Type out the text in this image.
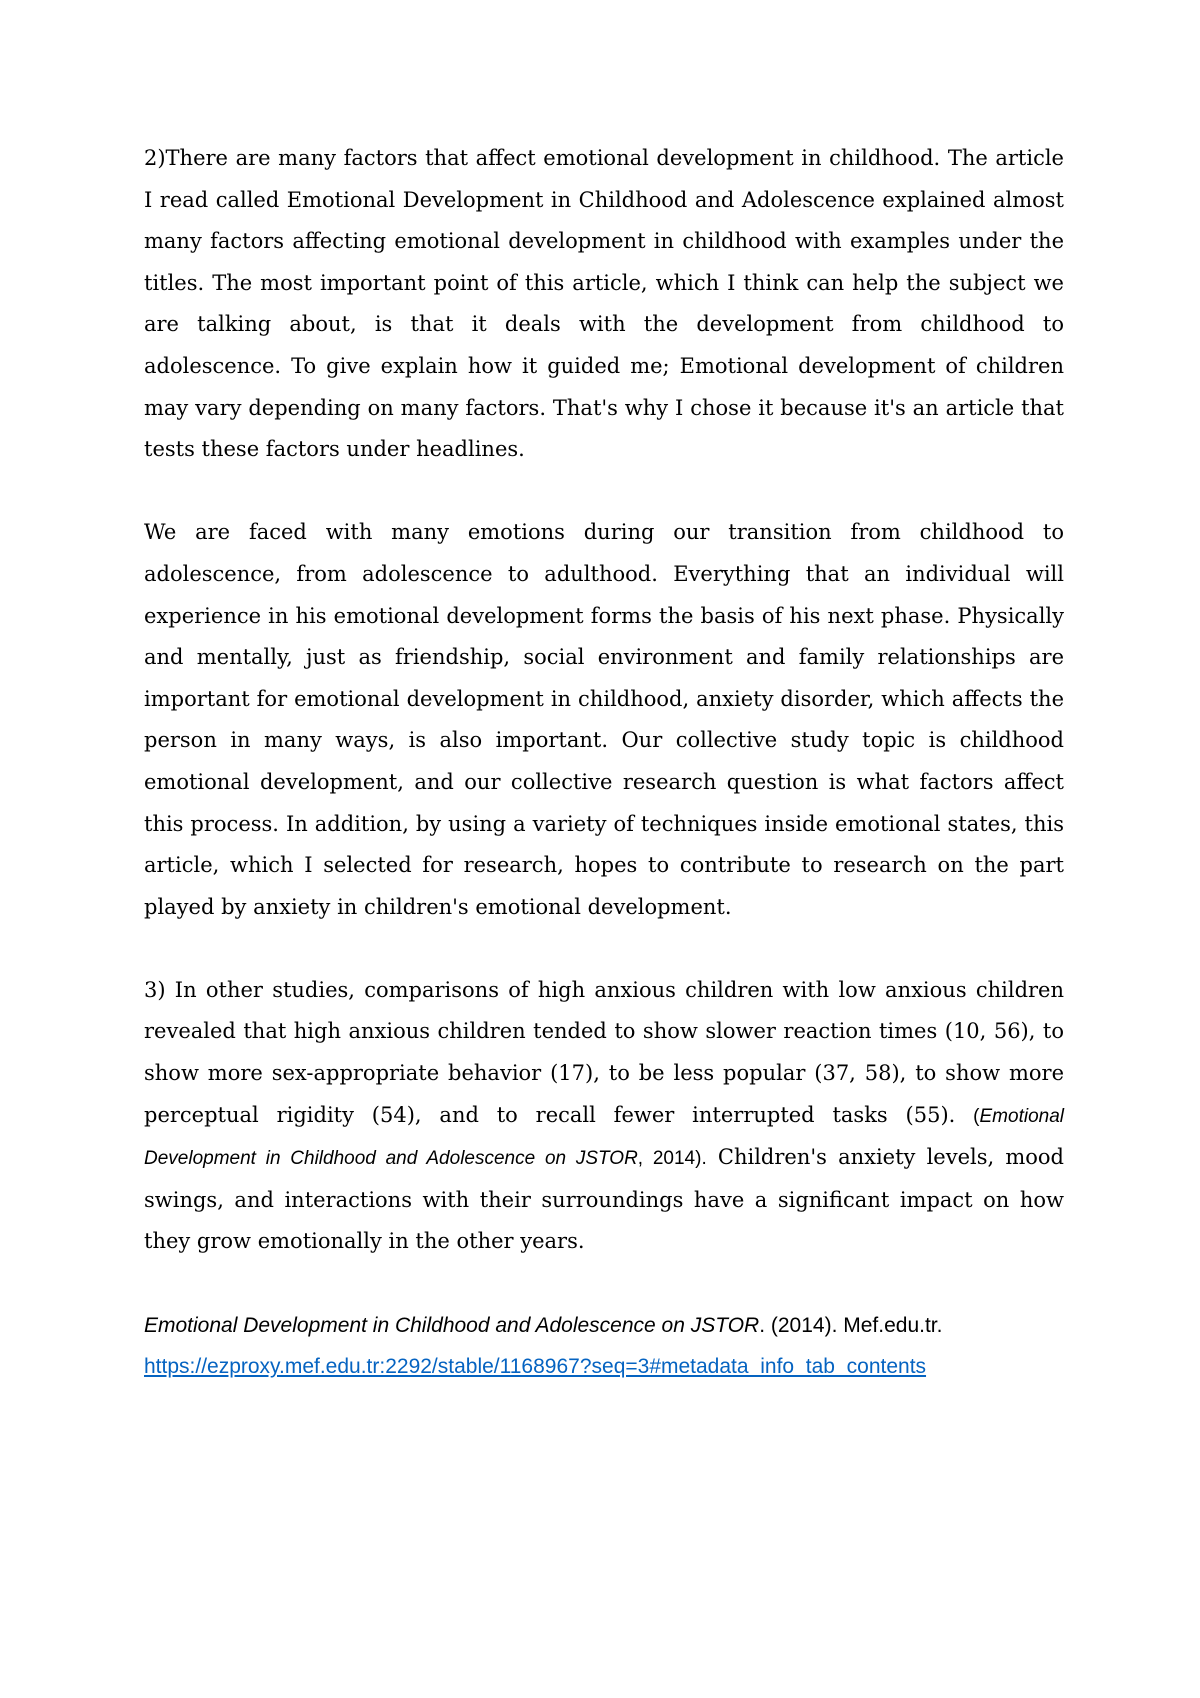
2)There are many factors that affect emotional development in childhood. The article I read called Emotional Development in Childhood and Adolescence explained almost many factors affecting emotional development in childhood with examples under the titles. The most important point of this article, which I think can help the subject we are talking about, is that it deals with the development from childhood to adolescence. To give explain how it guided me; Emotional development of children may vary depending on many factors. That's why I chose it because it's an article that tests these factors under headlines.

We are faced with many emotions during our transition from childhood to adolescence, from adolescence to adulthood. Everything that an individual will experience in his emotional development forms the basis of his next phase. Physically and mentally, just as friendship, social environment and family relationships are important for emotional development in childhood, anxiety disorder, which affects the person in many ways, is also important. Our collective study topic is childhood emotional development, and our collective research question is what factors affect this process. In addition, by using a variety of techniques inside emotional states, this article, which I selected for research, hopes to contribute to research on the part played by anxiety in children's emotional development.

3) In other studies, comparisons of high anxious children with low anxious children revealed that high anxious children tended to show slower reaction times (10, 56), to show more sex-appropriate behavior (17), to be less popular (37, 58), to show more perceptual rigidity (54), and to recall fewer interrupted tasks (55). (Emotional Development in Childhood and Adolescence on JSTOR, 2014). Children's anxiety levels, mood swings, and interactions with their surroundings have a significant impact on how they grow emotionally in the other years.

Emotional Development in Childhood and Adolescence on JSTOR. (2014). Mef.edu.tr.
https://ezproxy.mef.edu.tr:2292/stable/1168967?seq=3#metadata_info_tab_contents
